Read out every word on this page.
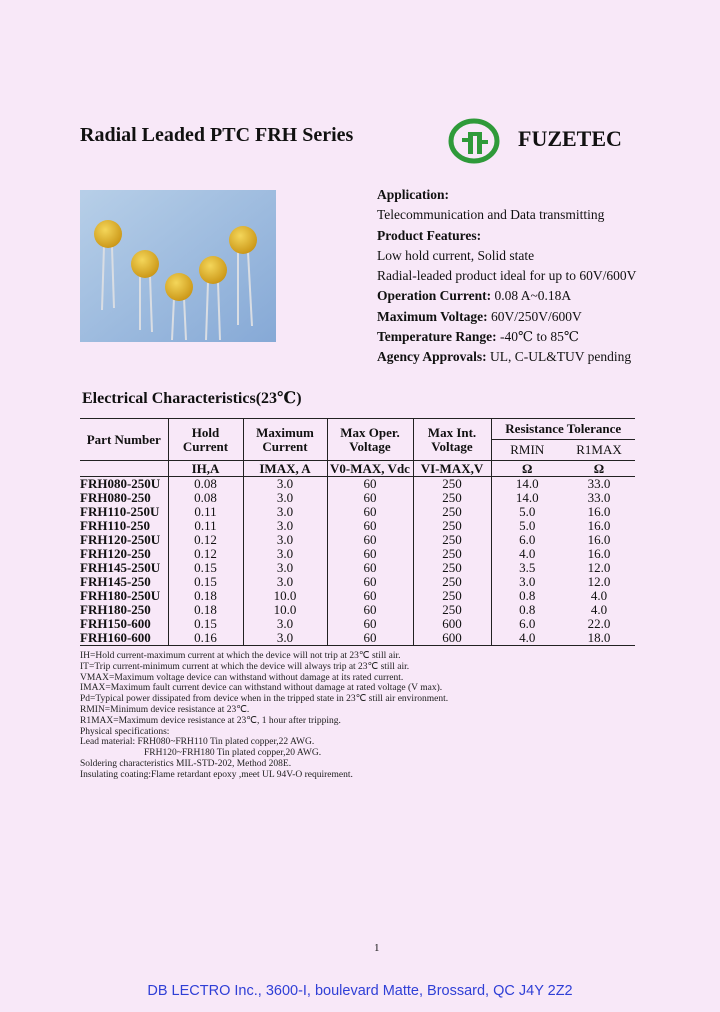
Radial Leaded PTC FRH Series	FUZETEC
Application:
Telecommunication and Data transmitting
Product Features:
Low hold current, Solid state
Radial-leaded product ideal for up to 60V/600V
Operation Current: 0.08 A~0.18A
Maximum Voltage: 60V/250V/600V
Temperature Range: -40℃ to 85℃
Agency Approvals: UL, C-UL&TUV pending
Electrical Characteristics(23℃)
Part Number	Hold Current	Maximum Current	Max Oper. Voltage	Max Int. Voltage	Resistance Tolerance	
					RMIN	R1MAX
	IH,A	IMAX, A	V0-MAX, Vdc	VI-MAX,V	Ω	Ω
FRH080-250U	0.08	3.0	60	250	14.0	33.0
FRH080-250	0.08	3.0	60	250	14.0	33.0
FRH110-250U	0.11	3.0	60	250	5.0	16.0
FRH110-250	0.11	3.0	60	250	5.0	16.0
FRH120-250U	0.12	3.0	60	250	6.0	16.0
FRH120-250	0.12	3.0	60	250	4.0	16.0
FRH145-250U	0.15	3.0	60	250	3.5	12.0
FRH145-250	0.15	3.0	60	250	3.0	12.0
FRH180-250U	0.18	10.0	60	250	0.8	4.0
FRH180-250	0.18	10.0	60	250	0.8	4.0
FRH150-600	0.15	3.0	60	600	6.0	22.0
FRH160-600	0.16	3.0	60	600	4.0	18.0
IH=Hold current-maximum current at which the device will not trip at 23℃ still air.
IT=Trip current-minimum current at which the device will always trip at 23℃ still air.
VMAX=Maximum voltage device can withstand without damage at its rated current.
IMAX=Maximum fault current device can withstand without damage at rated voltage (V max).
Pd=Typical power dissipated from device when in the tripped state in 23℃ still air environment.
RMIN=Minimum device resistance at 23℃.
R1MAX=Maximum device resistance at 23℃, 1 hour after tripping.
Physical specifications:
Lead material: FRH080~FRH110 Tin plated copper,22 AWG.
FRH120~FRH180 Tin plated copper,20 AWG.
Soldering characteristics MIL-STD-202, Method 208E.
Insulating coating:Flame retardant epoxy ,meet UL 94V-O requirement.
1
DB LECTRO Inc., 3600-I, boulevard Matte, Brossard, QC J4Y 2Z2
